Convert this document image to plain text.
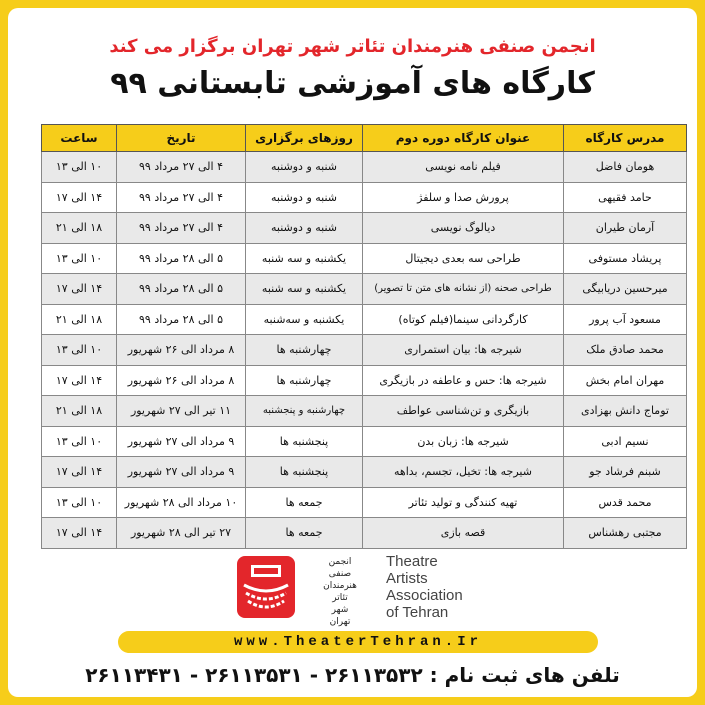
انجمن صنفی هنرمندان تئاتر شهر تهران برگزار می کند
کارگاه های آموزشی تابستانی ۹۹
مدرس کارگاه	عنوان کارگاه دوره دوم	روزهای برگزاری	تاریخ	ساعت
هومان فاضل	فیلم نامه نویسی	شنبه و دوشنبه	۴ الی ۲۷ مرداد ۹۹	۱۰ الی ۱۳
حامد فقیهی	پرورش صدا و سلفژ	شنبه و دوشنبه	۴ الی ۲۷ مرداد ۹۹	۱۴ الی ۱۷
آرمان طیران	دیالوگ نویسی	شنبه و دوشنبه	۴ الی ۲۷ مرداد ۹۹	۱۸ الی ۲۱
پریشاد مستوفی	طراحی سه بعدی دیجیتال	یکشنبه و سه شنبه	۵ الی ۲۸ مرداد ۹۹	۱۰ الی ۱۳
میرحسین دریابیگی	طراحی صحنه (از نشانه های متن تا تصویر)	یکشنبه و سه شنبه	۵ الی ۲۸ مرداد ۹۹	۱۴ الی ۱۷
مسعود آب پرور	کارگردانی سینما(فیلم کوتاه)	یکشنبه و سه‌شنبه	۵ الی ۲۸ مرداد ۹۹	۱۸ الی ۲۱
محمد صادق ملک	شیرجه ها: بیان استمراری	چهارشنبه ها	۸ مرداد الی ۲۶ شهریور	۱۰ الی ۱۳
مهران امام بخش	شیرجه ها: حس و عاطفه در بازیگری	چهارشنبه ها	۸ مرداد الی ۲۶ شهریور	۱۴ الی ۱۷
توماج دانش بهزادی	بازیگری و تن‌شناسی عواطف	چهارشنبه و پنجشنبه	۱۱ تیر الی ۲۷ شهریور	۱۸ الی ۲۱
نسیم ادبی	شیرجه ها: زبان بدن	پنجشنبه ها	۹ مرداد الی ۲۷ شهریور	۱۰ الی ۱۳
شبنم فرشاد جو	شیرجه ها: تخیل، تجسم، بداهه	پنجشنبه ها	۹ مرداد الی ۲۷ شهریور	۱۴ الی ۱۷
محمد قدس	تهیه کنندگی و تولید تئاتر	جمعه ها	۱۰ مرداد الی ۲۸ شهریور	۱۰ الی ۱۳
مجتبی رهشناس	قصه بازی	جمعه ها	۲۷ تیر الی ۲۸ شهریور	۱۴ الی ۱۷
انجمن
صنفی
هنرمندان
تئاتر
شهر
تهران
Theatre
Artists
Association
of Tehran
www.TheaterTehran.Ir
تلفن های ثبت نام : ۲۶۱۱۳۵۳۲ - ۲۶۱۱۳۵۳۱ - ۲۶۱۱۳۴۳۱
